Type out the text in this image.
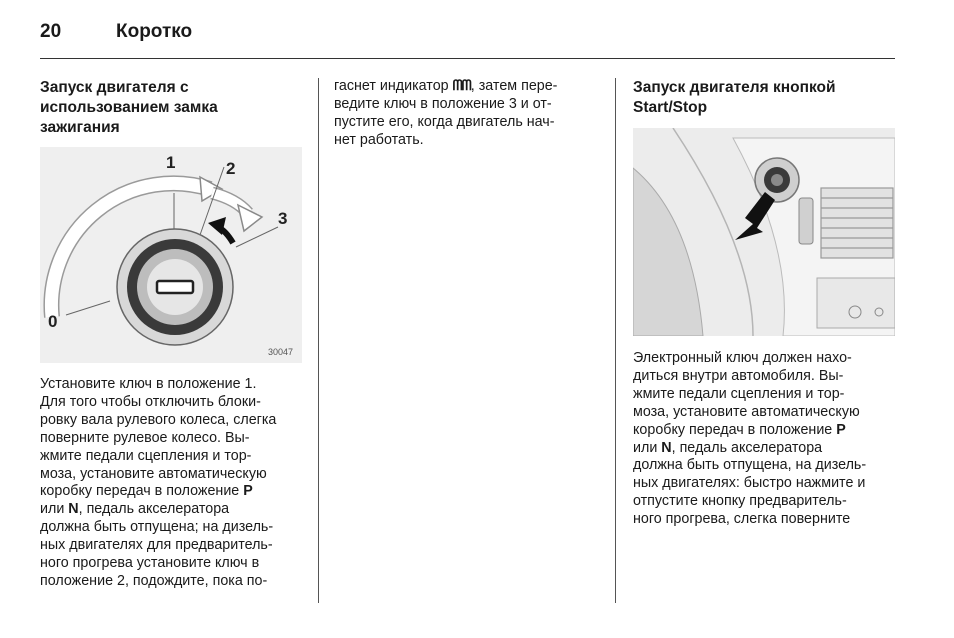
20	Коротко
Запуск двигателя с
использованием замка
зажигания
1	2
3
0
30047

Установите ключ в положение 1.
Для того чтобы отключить блоки-
ровку вала рулевого колеса, слегка
поверните рулевое колесо. Вы-
жмите педали сцепления и тор-
моза, установите автоматическую
коробку передач в положение P
или N, педаль акселератора
должна быть отпущена; на дизель-
ных двигателях для предваритель-
ного прогрева установите ключ в
положение 2, подождите, пока по-

гаснет индикатор ᗰᗰ, затем пере-
ведите ключ в положение 3 и от-
пустите его, когда двигатель нач-
нет работать.

Запуск двигателя кнопкой
Start/Stop

Электронный ключ должен нахо-
диться внутри автомобиля. Вы-
жмите педали сцепления и тор-
моза, установите автоматическую
коробку передач в положение P
или N, педаль акселератора
должна быть отпущена, на дизель-
ных двигателях: быстро нажмите и
отпустите кнопку предваритель-
ного прогрева, слегка поверните
